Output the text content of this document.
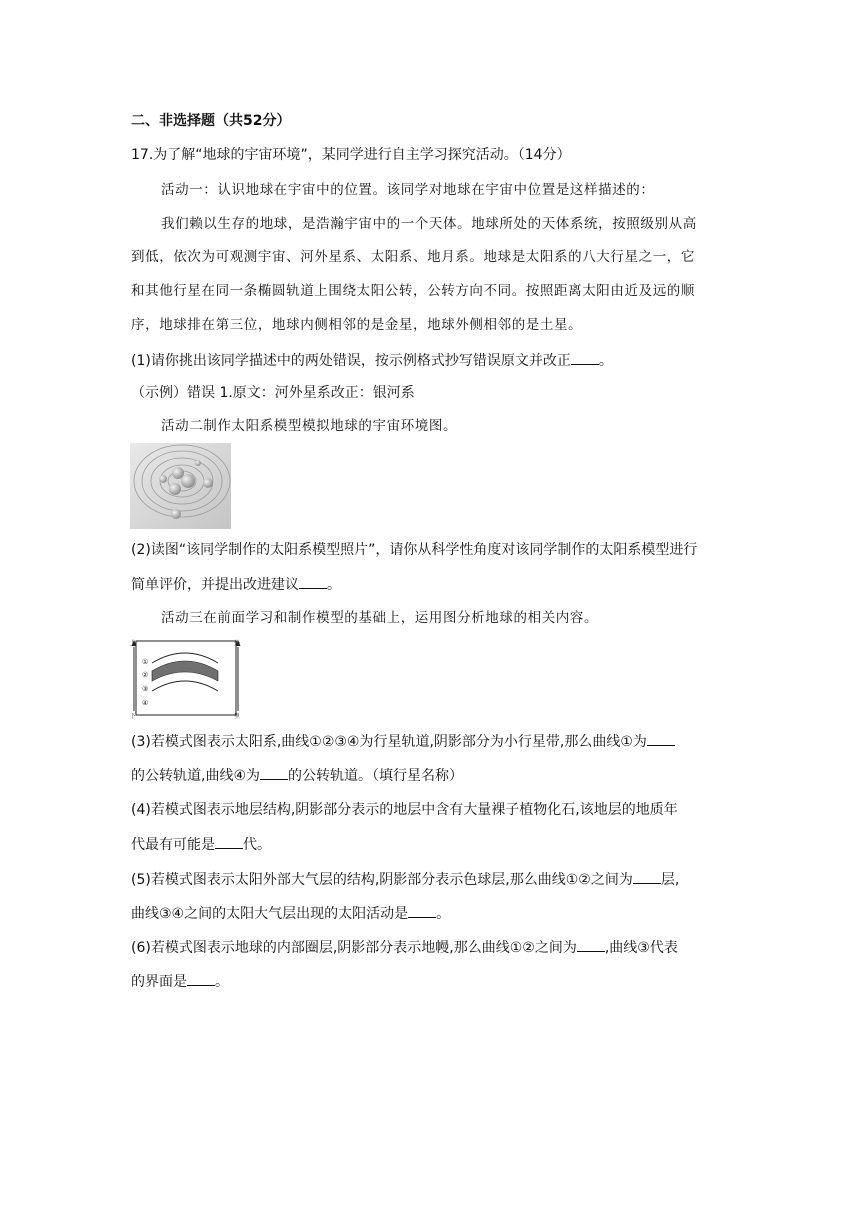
二、非选择题（共52分）
17.为了解“地球的宇宙环境”，某同学进行自主学习探究活动。（14分）
活动一：认识地球在宇宙中的位置。该同学对地球在宇宙中位置是这样描述的：
我们赖以生存的地球，是浩瀚宇宙中的一个天体。地球所处的天体系统，按照级别从高
到低，依次为可观测宇宙、河外星系、太阳系、地月系。地球是太阳系的八大行星之一，它
和其他行星在同一条椭圆轨道上围绕太阳公转，公转方向不同。按照距离太阳由近及远的顺
序，地球排在第三位，地球内侧相邻的是金星，地球外侧相邻的是土星。
(1)请你挑出该同学描述中的两处错误，按示例格式抄写错误原文并改正 。
（示例）错误 1.原文：河外星系改正：银河系
活动二制作太阳系模型模拟地球的宇宙环境图。
(2)读图“该同学制作的太阳系模型照片”，请你从科学性角度对该同学制作的太阳系模型进行
简单评价，并提出改进建议 。
活动三在前面学习和制作模型的基础上，运用图分析地球的相关内容。
上
下
外
里
①
②
③
④
(3)若模式图表示太阳系,曲线①②③④为行星轨道,阴影部分为小行星带,那么曲线①为
的公转轨道,曲线④为 的公转轨道。（填行星名称）
(4)若模式图表示地层结构,阴影部分表示的地层中含有大量裸子植物化石,该地层的地质年
代最有可能是 代。
(5)若模式图表示太阳外部大气层的结构,阴影部分表示色球层,那么曲线①②之间为 层,
曲线③④之间的太阳大气层出现的太阳活动是 。
(6)若模式图表示地球的内部圈层,阴影部分表示地幔,那么曲线①②之间为 ,曲线③代表
的界面是 。
